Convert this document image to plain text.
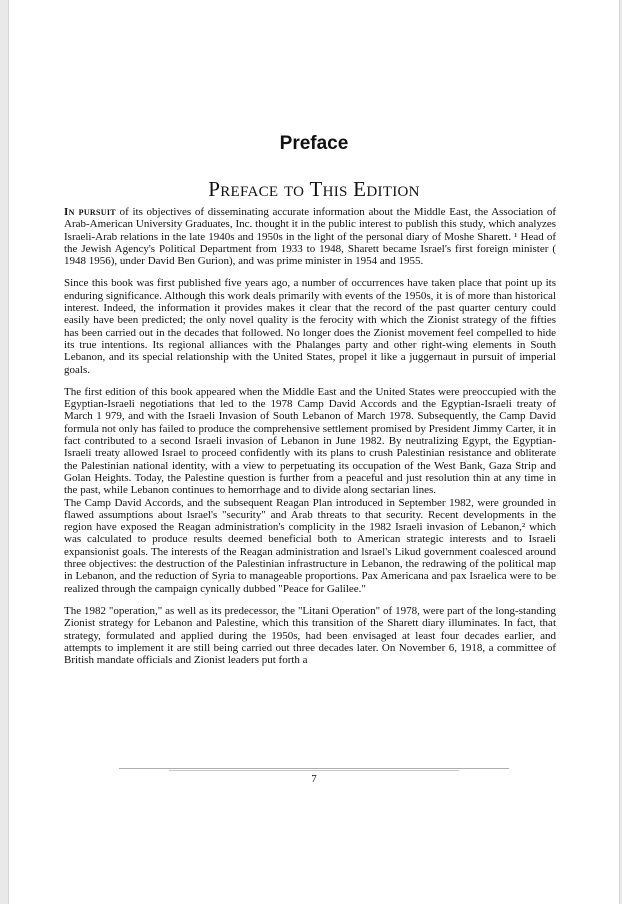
Preface
Preface to This Edition

In pursuit of its objectives of disseminating accurate information about the Middle East, the Association of Arab-American University Graduates, Inc. thought it in the public interest to publish this study, which analyzes Israeli-Arab relations in the late 1940s and 1950s in the light of the personal diary of Moshe Sharett. ¹ Head of the Jewish Agency's Political Department from 1933 to 1948, Sharett became Israel's first foreign minister ( 1948 1956), under David Ben Gurion), and was prime minister in 1954 and 1955.

Since this book was first published five years ago, a number of occurrences have taken place that point up its enduring significance. Although this work deals primarily with events of the 1950s, it is of more than historical interest. Indeed, the information it provides makes it clear that the record of the past quarter century could easily have been predicted; the only novel quality is the ferocity with which the Zionist strategy of the fifties has been carried out in the decades that followed. No longer does the Zionist movement feel compelled to hide its true intentions. Its regional alliances with the Phalanges party and other right-wing elements in South Lebanon, and its special relationship with the United States, propel it like a juggernaut in pursuit of imperial goals.

The first edition of this book appeared when the Middle East and the United States were preoccupied with the Egyptian-Israeli negotiations that led to the 1978 Camp David Accords and the Egyptian-Israeli treaty of March 1 979, and with the Israeli Invasion of South Lebanon of March 1978. Subsequently, the Camp David formula not only has failed to produce the comprehensive settlement promised by President Jimmy Carter, it in fact contributed to a second Israeli invasion of Lebanon in June 1982. By neutralizing Egypt, the Egyptian-Israeli treaty allowed Israel to proceed confidently with its plans to crush Palestinian resistance and obliterate the Palestinian national identity, with a view to perpetuating its occupation of the West Bank, Gaza Strip and Golan Heights. Today, the Palestine question is further from a peaceful and just resolution thin at any time in the past, while Lebanon continues to hemorrhage and to divide along sectarian lines.

The Camp David Accords, and the subsequent Reagan Plan introduced in September 1982, were grounded in flawed assumptions about lsrael's "security" and Arab threats to that security. Recent developments in the region have exposed the Reagan administration's complicity in the 1982 Israeli invasion of Lebanon,² which was calculated to produce results deemed beneficial both to American strategic interests and to Israeli expansionist goals. The interests of the Reagan administration and lsrael's Likud government coalesced around three objectives: the destruction of the Palestinian infrastructure in Lebanon, the redrawing of the political map in Lebanon, and the reduction of Syria to manageable proportions. Pax Americana and pax Israelica were to be realized through the campaign cynically dubbed "Peace for Galilee."

The 1982 "operation," as well as its predecessor, the "Litani Operation" of 1978, were part of the long-standing Zionist strategy for Lebanon and Palestine, which this transition of the Sharett diary illuminates. In fact, that strategy, formulated and applied during the 1950s, had been envisaged at least four decades earlier, and attempts to implement it are still being carried out three decades later. On November 6, 1918, a committee of British mandate officials and Zionist leaders put forth a

7
